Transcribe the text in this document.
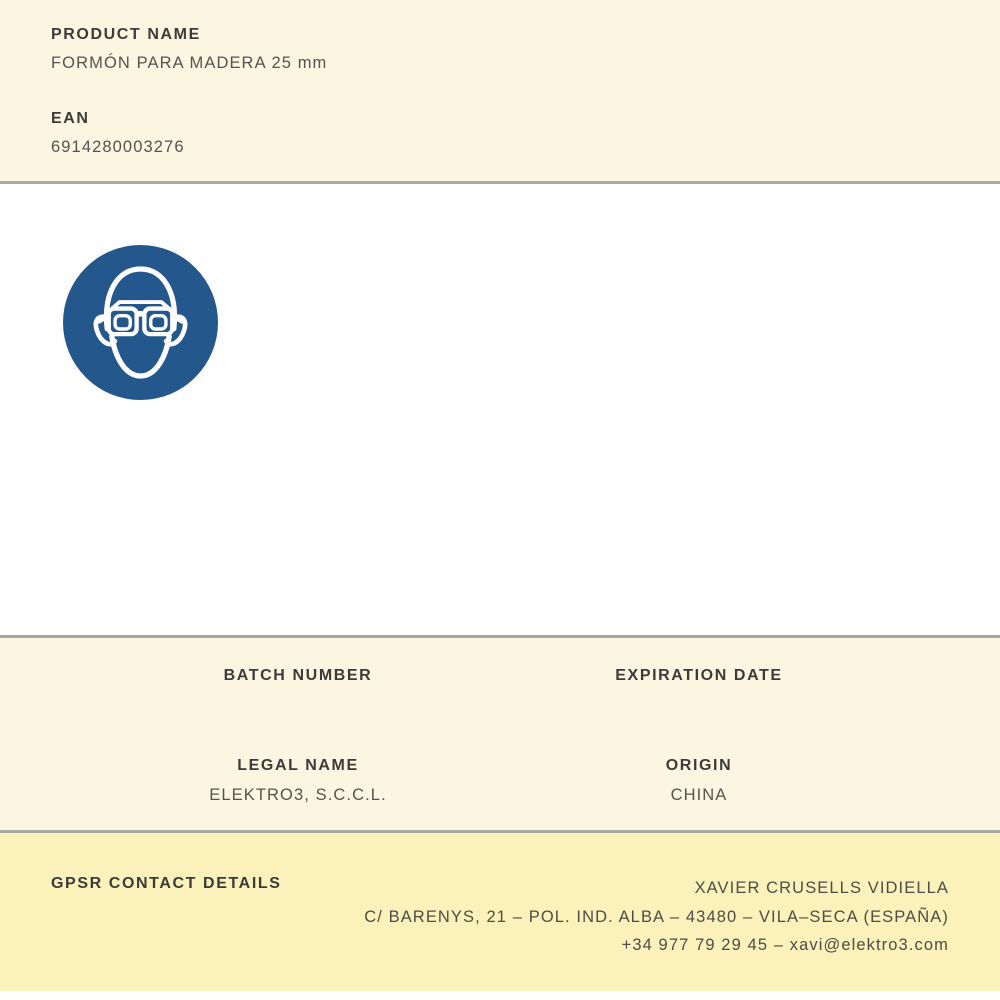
PRODUCT NAME
FORMÓN PARA MADERA 25 mm
EAN
6914280003276
BATCH NUMBER	EXPIRATION DATE
LEGAL NAME
ELEKTRO3, S.C.C.L.
ORIGIN
CHINA
GPSR CONTACT DETAILS	XAVIER CRUSELLS VIDIELLA
C/ BARENYS, 21 – POL. IND. ALBA – 43480 – VILA–SECA (ESPAÑA)
+34 977 79 29 45 – xavi@elektro3.com
